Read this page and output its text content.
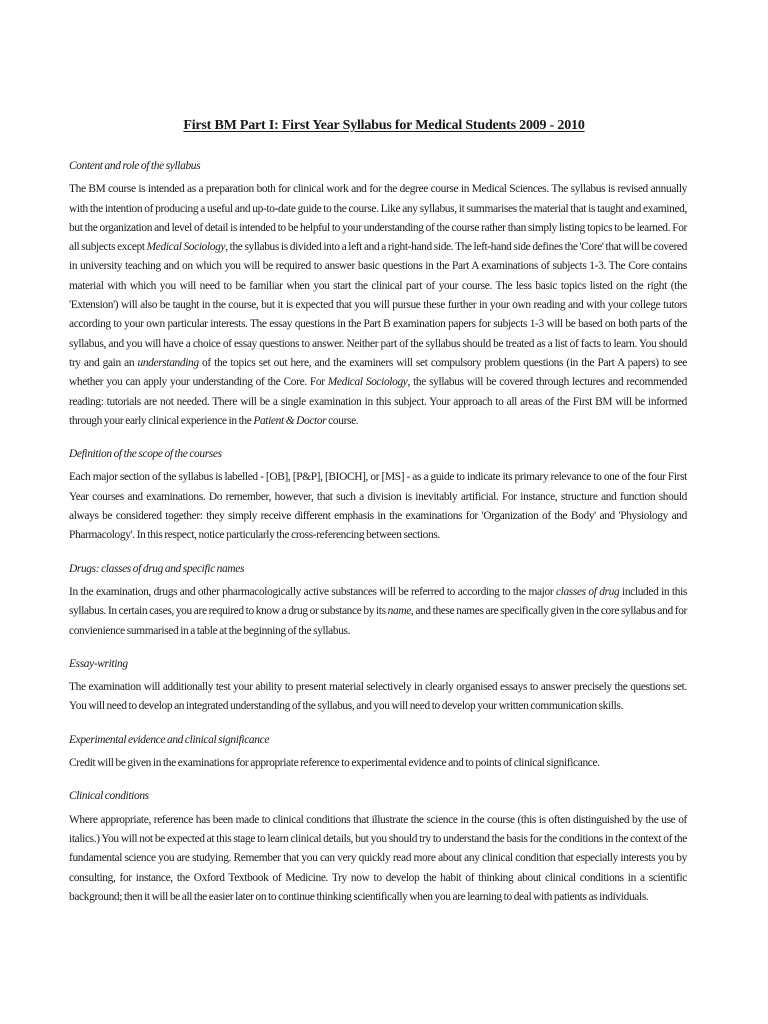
First BM Part I: First Year Syllabus for Medical Students 2009 - 2010
Content and role of the syllabus
The BM course is intended as a preparation both for clinical work and for the degree course in Medical Sciences. The syllabus is revised annually with the intention of producing a useful and up-to-date guide to the course. Like any syllabus, it summarises the material that is taught and examined, but the organization and level of detail is intended to be helpful to your understanding of the course rather than simply listing topics to be learned. For all subjects except Medical Sociology, the syllabus is divided into a left and a right-hand side. The left-hand side defines the 'Core' that will be covered in university teaching and on which you will be required to answer basic questions in the Part A examinations of subjects 1-3. The Core contains material with which you will need to be familiar when you start the clinical part of your course. The less basic topics listed on the right (the 'Extension') will also be taught in the course, but it is expected that you will pursue these further in your own reading and with your college tutors according to your own particular interests. The essay questions in the Part B examination papers for subjects 1-3 will be based on both parts of the syllabus, and you will have a choice of essay questions to answer. Neither part of the syllabus should be treated as a list of facts to learn. You should try and gain an understanding of the topics set out here, and the examiners will set compulsory problem questions (in the Part A papers) to see whether you can apply your understanding of the Core. For Medical Sociology, the syllabus will be covered through lectures and recommended reading: tutorials are not needed. There will be a single examination in this subject. Your approach to all areas of the First BM will be informed through your early clinical experience in the Patient & Doctor course.
Definition of the scope of the courses
Each major section of the syllabus is labelled - [OB], [P&P], [BIOCH], or [MS] - as a guide to indicate its primary relevance to one of the four First Year courses and examinations. Do remember, however, that such a division is inevitably artificial. For instance, structure and function should always be considered together: they simply receive different emphasis in the examinations for 'Organization of the Body' and 'Physiology and Pharmacology'. In this respect, notice particularly the cross-referencing between sections.
Drugs: classes of drug and specific names
In the examination, drugs and other pharmacologically active substances will be referred to according to the major classes of drug included in this syllabus. In certain cases, you are required to know a drug or substance by its name, and these names are specifically given in the core syllabus and for convienience summarised in a table at the beginning of the syllabus.
Essay-writing
The examination will additionally test your ability to present material selectively in clearly organised essays to answer precisely the questions set. You will need to develop an integrated understanding of the syllabus, and you will need to develop your written communication skills.
Experimental evidence and clinical significance
Credit will be given in the examinations for appropriate reference to experimental evidence and to points of clinical significance.
Clinical conditions
Where appropriate, reference has been made to clinical conditions that illustrate the science in the course (this is often distinguished by the use of italics.) You will not be expected at this stage to learn clinical details, but you should try to understand the basis for the conditions in the context of the fundamental science you are studying. Remember that you can very quickly read more about any clinical condition that especially interests you by consulting, for instance, the Oxford Textbook of Medicine. Try now to develop the habit of thinking about clinical conditions in a scientific background; then it will be all the easier later on to continue thinking scientifically when you are learning to deal with patients as individuals.
